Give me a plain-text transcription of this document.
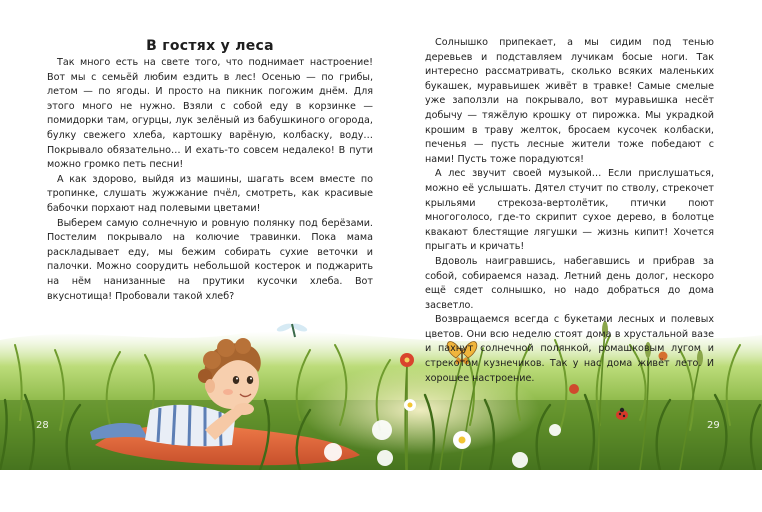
В гостях у леса

Так много есть на свете того, что поднимает настроение! Вот мы с семьёй любим ездить в лес! Осенью — по грибы, летом — по ягоды. И просто на пикник погожим днём. Для этого много не нужно. Взяли с собой еду в корзинке — помидорки там, огурцы, лук зелёный из бабушкиного огорода, булку свежего хлеба, картошку варёную, колбаску, воду… Покрывало обязательно… И ехать-то совсем недалеко! В пути можно громко петь песни!

А как здорово, выйдя из машины, шагать всем вместе по тропинке, слушать жужжание пчёл, смотреть, как красивые бабочки порхают над полевыми цветами!

Выберем самую солнечную и ровную полянку под берёзами. Постелим покрывало на колючие травинки. Пока мама раскладывает еду, мы бежим собирать сухие веточки и палочки. Можно соорудить небольшой костерок и поджарить на нём нанизанные на прутики кусочки хлеба. Вот вкуснотища! Пробовали такой хлеб?

Солнышко припекает, а мы сидим под тенью деревьев и подставляем лучикам босые ноги. Так интересно рассматривать, сколько всяких маленьких букашек, муравьишек живёт в травке! Самые смелые уже заползли на покрывало, вот муравьишка несёт добычу — тяжёлую крошку от пирожка. Мы украдкой крошим в траву желток, бросаем кусочек колбаски, печенья — пусть лесные жители тоже победают с нами! Пусть тоже порадуются!

А лес звучит своей музыкой… Если прислушаться, можно её услышать. Дятел стучит по стволу, стрекочет крыльями стрекоза-вертолётик, птички поют многоголосо, где-то скрипит сухое дерево, в болотце квакают блестящие лягушки — жизнь кипит! Хочется прыгать и кричать!

Вдоволь наигравшись, набегавшись и прибрав за собой, собираемся назад. Летний день долог, нескоро ещё сядет солнышко, но надо добраться до дома засветло.

Возвращаемся всегда с букетами лесных и полевых цветов. Они всю неделю стоят дома в хрустальной вазе и пахнут солнечной полянкой, ромашковым лугом и стрекотом кузнечиков. Так у нас дома живёт лето. И хорошее настроение.

28	29
